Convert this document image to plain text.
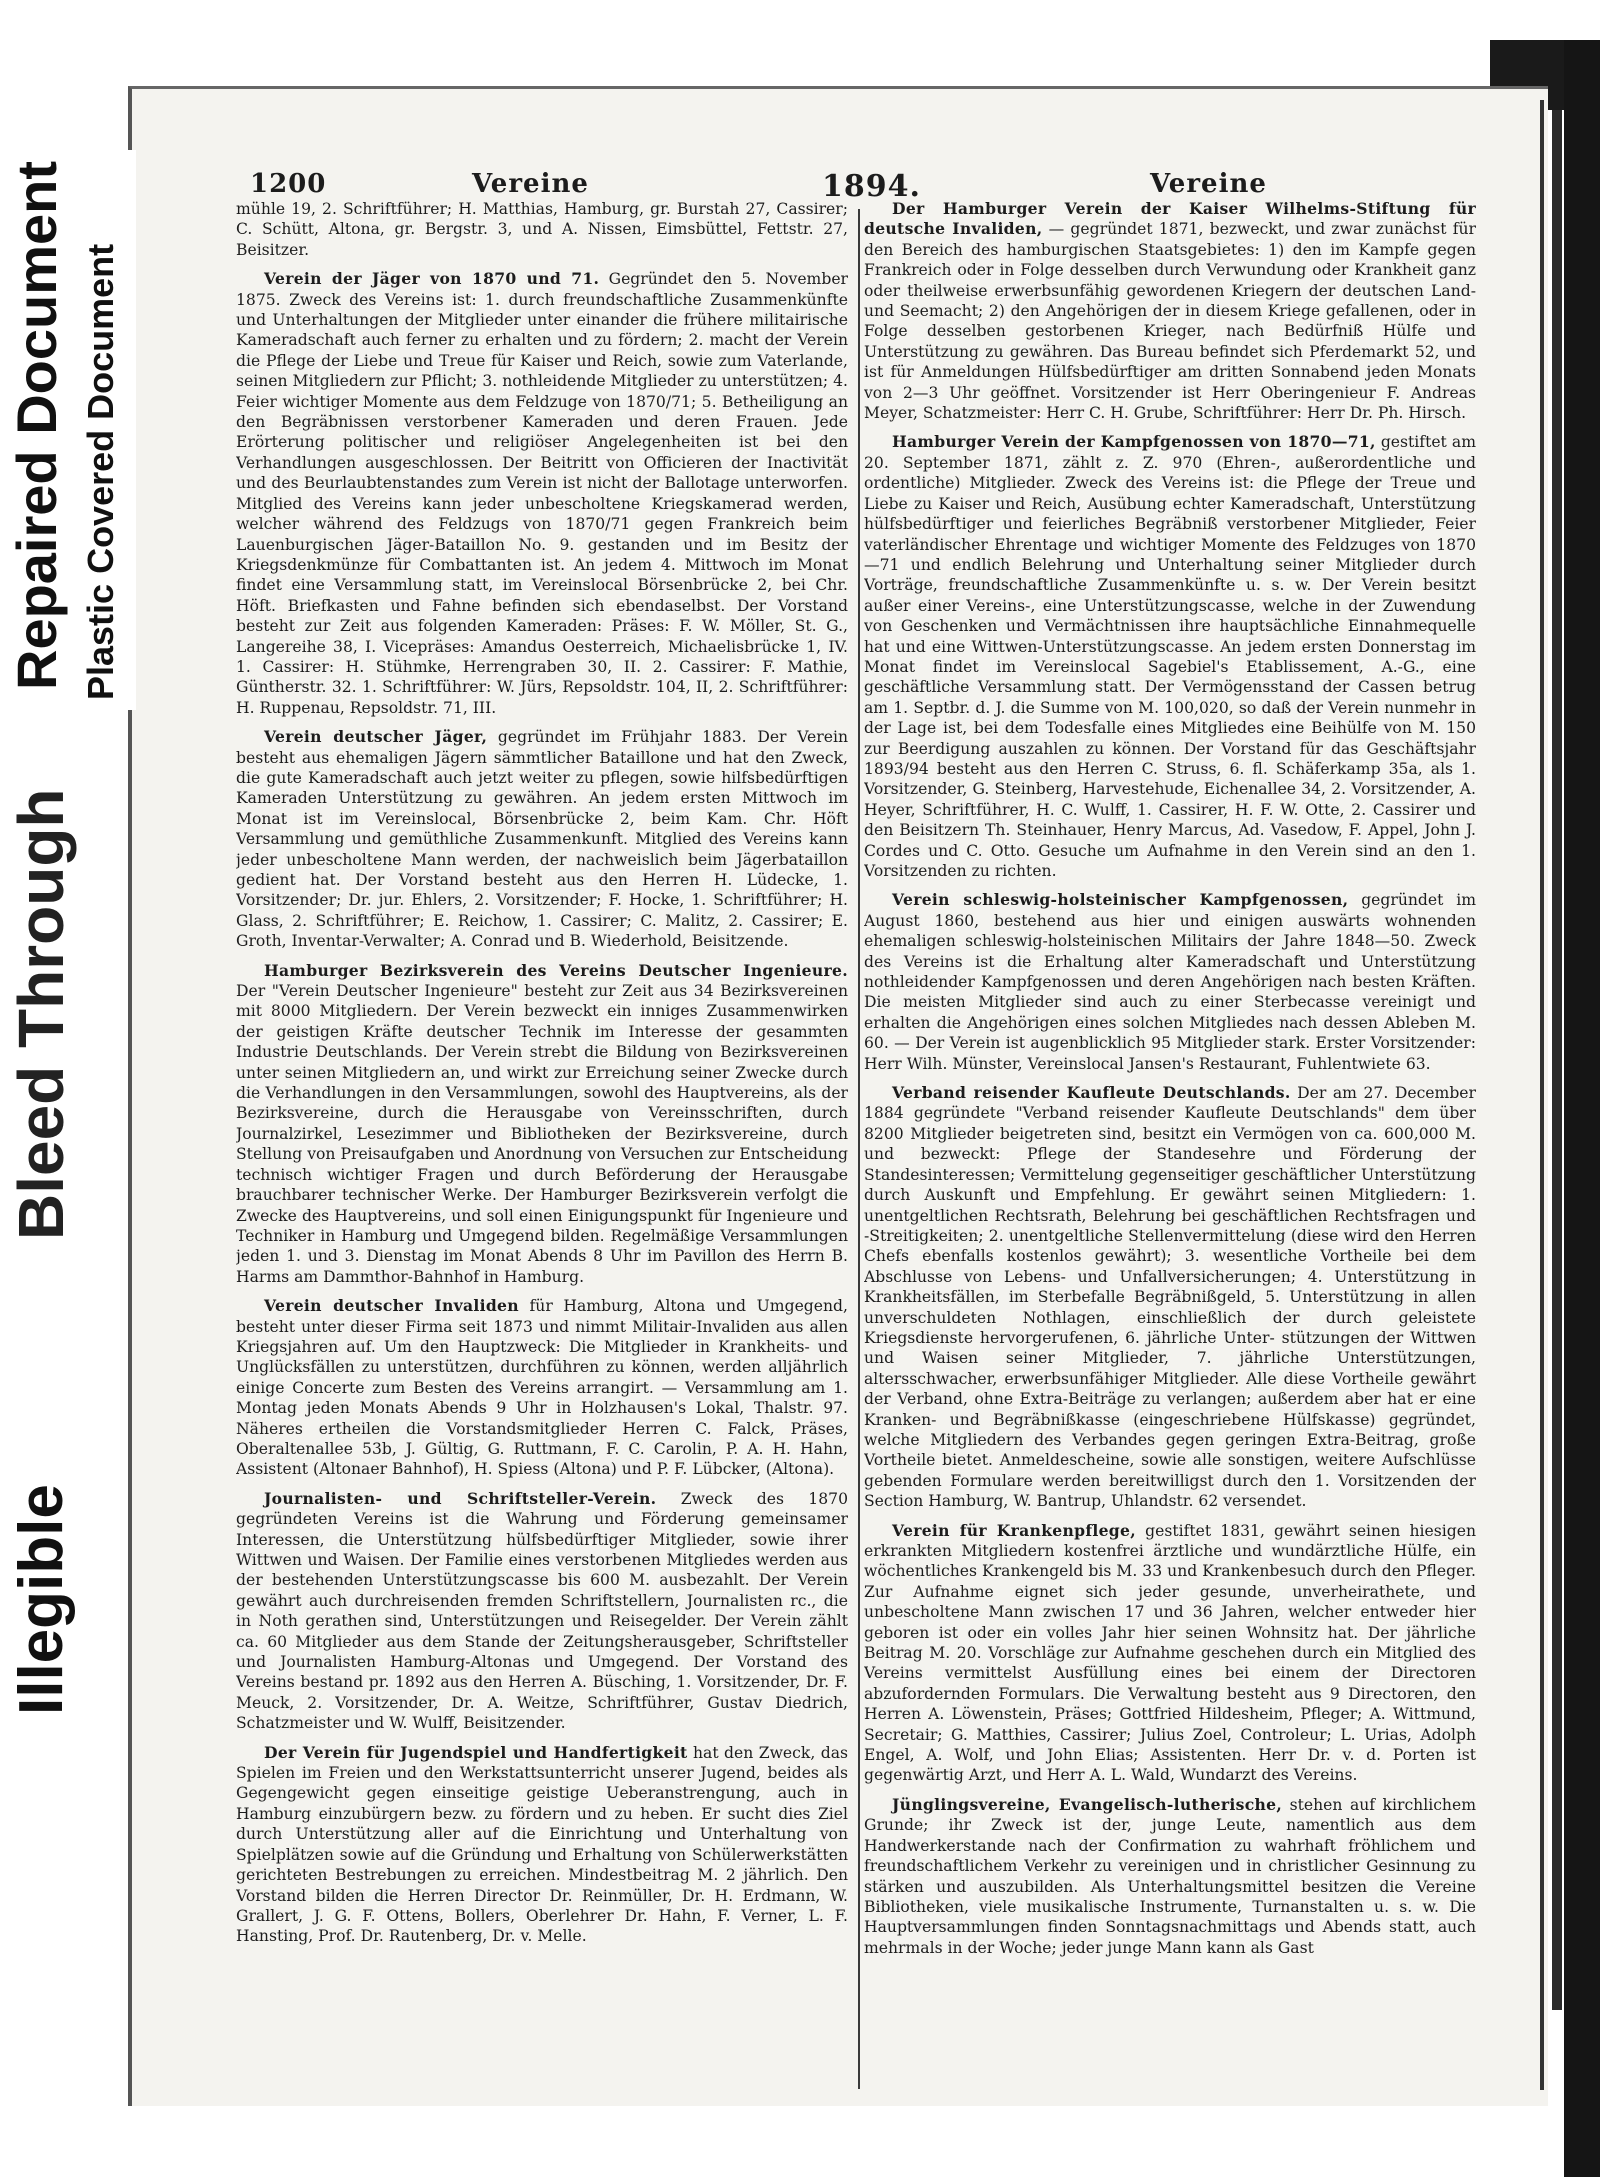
1200	Vereine	1894.	Vereine

mühle 19, 2. Schriftführer; H. Matthias, Hamburg, gr. Burstah 27, Cassirer; C. Schütt, Altona, gr. Bergstr. 3, und A. Nissen, Eimsbüttel, Fettstr. 27, Beisitzer.

Verein der Jäger von 1870 und 71. Gegründet den 5. November 1875. Zweck des Vereins ist: 1. durch freundschaftliche Zusammenkünfte und Unterhaltungen der Mitglieder unter einander die frühere militairische Kameradschaft auch ferner zu erhalten und zu fördern; 2. macht der Verein die Pflege der Liebe und Treue für Kaiser und Reich, sowie zum Vaterlande, seinen Mitgliedern zur Pflicht; 3. nothleidende Mitglieder zu unterstützen; 4. Feier wichtiger Momente aus dem Feldzuge von 1870/71; 5. Betheiligung an den Begräbnissen verstorbener Kameraden und deren Frauen. Jede Erörterung politischer und religiöser Angelegenheiten ist bei den Verhandlungen ausgeschlossen. Der Beitritt von Officieren der Inactivität und des Beurlaubtenstandes zum Verein ist nicht der Ballotage unterworfen. Mitglied des Vereins kann jeder unbescholtene Kriegskamerad werden, welcher während des Feldzugs von 1870/71 gegen Frankreich beim Lauenburgischen Jäger-Bataillon No. 9. gestanden und im Besitz der Kriegsdenkmünze für Combattanten ist. An jedem 4. Mittwoch im Monat findet eine Versammlung statt, im Vereinslocal Börsenbrücke 2, bei Chr. Höft. Briefkasten und Fahne befinden sich ebendaselbst. Der Vorstand besteht zur Zeit aus folgenden Kameraden: Präses: F. W. Möller, St. G., Langereihe 38, I. Vicepräses: Amandus Oesterreich, Michaelisbrücke 1, IV. 1. Cassirer: H. Stühmke, Herrengraben 30, II. 2. Cassirer: F. Mathie, Güntherstr. 32. 1. Schriftführer: W. Jürs, Repsoldstr. 104, II, 2. Schriftführer: H. Ruppenau, Repsoldstr. 71, III.

Verein deutscher Jäger, gegründet im Frühjahr 1883. Der Verein besteht aus ehemaligen Jägern sämmtlicher Bataillone und hat den Zweck, die gute Kameradschaft auch jetzt weiter zu pflegen, sowie hilfsbedürftigen Kameraden Unterstützung zu gewähren. An jedem ersten Mittwoch im Monat ist im Vereinslocal, Börsenbrücke 2, beim Kam. Chr. Höft Versammlung und gemüthliche Zusammenkunft. Mitglied des Vereins kann jeder unbescholtene Mann werden, der nachweislich beim Jägerbataillon gedient hat. Der Vorstand besteht aus den Herren H. Lüdecke, 1. Vorsitzender; Dr. jur. Ehlers, 2. Vorsitzender; F. Hocke, 1. Schriftführer; H. Glass, 2. Schriftführer; E. Reichow, 1. Cassirer; C. Malitz, 2. Cassirer; E. Groth, Inventar-Verwalter; A. Conrad und B. Wiederhold, Beisitzende.

Hamburger Bezirksverein des Vereins Deutscher Ingenieure. Der "Verein Deutscher Ingenieure" besteht zur Zeit aus 34 Bezirksvereinen mit 8000 Mitgliedern. Der Verein bezweckt ein inniges Zusammenwirken der geistigen Kräfte deutscher Technik im Interesse der gesammten Industrie Deutschlands. Der Verein strebt die Bildung von Bezirksvereinen unter seinen Mitgliedern an, und wirkt zur Erreichung seiner Zwecke durch die Verhandlungen in den Versammlungen, sowohl des Hauptvereins, als der Bezirksvereine, durch die Herausgabe von Vereinsschriften, durch Journalzirkel, Lesezimmer und Bibliotheken der Bezirksvereine, durch Stellung von Preisaufgaben und Anordnung von Versuchen zur Entscheidung technisch wichtiger Fragen und durch Beförderung der Herausgabe brauchbarer technischer Werke. Der Hamburger Bezirksverein verfolgt die Zwecke des Hauptvereins, und soll einen Einigungspunkt für Ingenieure und Techniker in Hamburg und Umgegend bilden. Regelmäßige Versammlungen jeden 1. und 3. Dienstag im Monat Abends 8 Uhr im Pavillon des Herrn B. Harms am Dammthor-Bahnhof in Hamburg.

Verein deutscher Invaliden für Hamburg, Altona und Umgegend, besteht unter dieser Firma seit 1873 und nimmt Militair-Invaliden aus allen Kriegsjahren auf. Um den Hauptzweck: Die Mitglieder in Krankheits- und Unglücksfällen zu unterstützen, durchführen zu können, werden alljährlich einige Concerte zum Besten des Vereins arrangirt. — Versammlung am 1. Montag jeden Monats Abends 9 Uhr in Holzhausen's Lokal, Thalstr. 97. Näheres ertheilen die Vorstandsmitglieder Herren C. Falck, Präses, Oberaltenallee 53b, J. Gültig, G. Ruttmann, F. C. Carolin, P. A. H. Hahn, Assistent (Altonaer Bahnhof), H. Spiess (Altona) und P. F. Lübcker, (Altona).

Journalisten- und Schriftsteller-Verein. Zweck des 1870 gegründeten Vereins ist die Wahrung und Förderung gemeinsamer Interessen, die Unterstützung hülfsbedürftiger Mitglieder, sowie ihrer Wittwen und Waisen. Der Familie eines verstorbenen Mitgliedes werden aus der bestehenden Unterstützungscasse bis 600 M. ausbezahlt. Der Verein gewährt auch durchreisenden fremden Schriftstellern, Journalisten rc., die in Noth gerathen sind, Unterstützungen und Reisegelder. Der Verein zählt ca. 60 Mitglieder aus dem Stande der Zeitungsherausgeber, Schriftsteller und Journalisten Hamburg-Altonas und Umgegend. Der Vorstand des Vereins bestand pr. 1892 aus den Herren A. Büsching, 1. Vorsitzender, Dr. F. Meuck, 2. Vorsitzender, Dr. A. Weitze, Schriftführer, Gustav Diedrich, Schatzmeister und W. Wulff, Beisitzender.

Der Verein für Jugendspiel und Handfertigkeit hat den Zweck, das Spielen im Freien und den Werkstattsunterricht unserer Jugend, beides als Gegengewicht gegen einseitige geistige Ueberanstrengung, auch in Hamburg einzubürgern bezw. zu fördern und zu heben. Er sucht dies Ziel durch Unterstützung aller auf die Einrichtung und Unterhaltung von Spielplätzen sowie auf die Gründung und Erhaltung von Schülerwerkstätten gerichteten Bestrebungen zu erreichen. Mindestbeitrag M. 2 jährlich. Den Vorstand bilden die Herren Director Dr. Reinmüller, Dr. H. Erdmann, W. Grallert, J. G. F. Ottens, Bollers, Oberlehrer Dr. Hahn, F. Verner, L. F. Hansting, Prof. Dr. Rautenberg, Dr. v. Melle.

Der Hamburger Verein der Kaiser Wilhelms-Stiftung für deutsche Invaliden, — gegründet 1871, bezweckt, und zwar zunächst für den Bereich des hamburgischen Staatsgebietes: 1) den im Kampfe gegen Frankreich oder in Folge desselben durch Verwundung oder Krankheit ganz oder theilweise erwerbsunfähig gewordenen Kriegern der deutschen Land- und Seemacht; 2) den Angehörigen der in diesem Kriege gefallenen, oder in Folge desselben gestorbenen Krieger, nach Bedürfniß Hülfe und Unterstützung zu gewähren. Das Bureau befindet sich Pferdemarkt 52, und ist für Anmeldungen Hülfsbedürftiger am dritten Sonnabend jeden Monats von 2—3 Uhr geöffnet. Vorsitzender ist Herr Oberingenieur F. Andreas Meyer, Schatzmeister: Herr C. H. Grube, Schriftführer: Herr Dr. Ph. Hirsch.

Hamburger Verein der Kampfgenossen von 1870—71, gestiftet am 20. September 1871, zählt z. Z. 970 (Ehren-, außerordentliche und ordentliche) Mitglieder. Zweck des Vereins ist: die Pflege der Treue und Liebe zu Kaiser und Reich, Ausübung echter Kameradschaft, Unterstützung hülfsbedürftiger und feierliches Begräbniß verstorbener Mitglieder, Feier vaterländischer Ehrentage und wichtiger Momente des Feldzuges von 1870—71 und endlich Belehrung und Unterhaltung seiner Mitglieder durch Vorträge, freundschaftliche Zusammenkünfte u. s. w. Der Verein besitzt außer einer Vereins-, eine Unterstützungscasse, welche in der Zuwendung von Geschenken und Vermächtnissen ihre hauptsächliche Einnahmequelle hat und eine Wittwen-Unterstützungscasse. An jedem ersten Donnerstag im Monat findet im Vereinslocal Sagebiel's Etablissement, A.-G., eine geschäftliche Versammlung statt. Der Vermögensstand der Cassen betrug am 1. Septbr. d. J. die Summe von M. 100,020, so daß der Verein nunmehr in der Lage ist, bei dem Todesfalle eines Mitgliedes eine Beihülfe von M. 150 zur Beerdigung auszahlen zu können. Der Vorstand für das Geschäftsjahr 1893/94 besteht aus den Herren C. Struss, 6. fl. Schäferkamp 35a, als 1. Vorsitzender, G. Steinberg, Harvestehude, Eichenallee 34, 2. Vorsitzender, A. Heyer, Schriftführer, H. C. Wulff, 1. Cassirer, H. F. W. Otte, 2. Cassirer und den Beisitzern Th. Steinhauer, Henry Marcus, Ad. Vasedow, F. Appel, John J. Cordes und C. Otto. Gesuche um Aufnahme in den Verein sind an den 1. Vorsitzenden zu richten.

Verein schleswig-holsteinischer Kampfgenossen, gegründet im August 1860, bestehend aus hier und einigen auswärts wohnenden ehemaligen schleswig-holsteinischen Militairs der Jahre 1848—50. Zweck des Vereins ist die Erhaltung alter Kameradschaft und Unterstützung nothleidender Kampfgenossen und deren Angehörigen nach besten Kräften. Die meisten Mitglieder sind auch zu einer Sterbecasse vereinigt und erhalten die Angehörigen eines solchen Mitgliedes nach dessen Ableben M. 60. — Der Verein ist augenblicklich 95 Mitglieder stark. Erster Vorsitzender: Herr Wilh. Münster, Vereinslocal Jansen's Restaurant, Fuhlentwiete 63.

Verband reisender Kaufleute Deutschlands. Der am 27. December 1884 gegründete "Verband reisender Kaufleute Deutschlands" dem über 8200 Mitglieder beigetreten sind, besitzt ein Vermögen von ca. 600,000 M. und bezweckt: Pflege der Standesehre und Förderung der Standesinteressen; Vermittelung gegenseitiger geschäftlicher Unterstützung durch Auskunft und Empfehlung. Er gewährt seinen Mitgliedern: 1. unentgeltlichen Rechtsrath, Belehrung bei geschäftlichen Rechtsfragen und -Streitigkeiten; 2. unentgeltliche Stellenvermittelung (diese wird den Herren Chefs ebenfalls kostenlos gewährt); 3. wesentliche Vortheile bei dem Abschlusse von Lebens- und Unfallversicherungen; 4. Unterstützung in Krankheitsfällen, im Sterbefalle Begräbnißgeld, 5. Unterstützung in allen unverschuldeten Nothlagen, einschließlich der durch geleistete Kriegsdienste hervorgerufenen, 6. jährliche Unter- stützungen der Wittwen und Waisen seiner Mitglieder, 7. jährliche Unterstützungen, altersschwacher, erwerbsunfähiger Mitglieder. Alle diese Vortheile gewährt der Verband, ohne Extra-Beiträge zu verlangen; außerdem aber hat er eine Kranken- und Begräbnißkasse (eingeschriebene Hülfskasse) gegründet, welche Mitgliedern des Verbandes gegen geringen Extra-Beitrag, große Vortheile bietet. Anmeldescheine, sowie alle sonstigen, weitere Aufschlüsse gebenden Formulare werden bereitwilligst durch den 1. Vorsitzenden der Section Hamburg, W. Bantrup, Uhlandstr. 62 versendet.

Verein für Krankenpflege, gestiftet 1831, gewährt seinen hiesigen erkrankten Mitgliedern kostenfrei ärztliche und wundärztliche Hülfe, ein wöchentliches Krankengeld bis M. 33 und Krankenbesuch durch den Pfleger. Zur Aufnahme eignet sich jeder gesunde, unverheirathete, und unbescholtene Mann zwischen 17 und 36 Jahren, welcher entweder hier geboren ist oder ein volles Jahr hier seinen Wohnsitz hat. Der jährliche Beitrag M. 20. Vorschläge zur Aufnahme geschehen durch ein Mitglied des Vereins vermittelst Ausfüllung eines bei einem der Directoren abzufordernden Formulars. Die Verwaltung besteht aus 9 Directoren, den Herren A. Löwenstein, Präses; Gottfried Hildesheim, Pfleger; A. Wittmund, Secretair; G. Matthies, Cassirer; Julius Zoel, Controleur; L. Urias, Adolph Engel, A. Wolf, und John Elias; Assistenten. Herr Dr. v. d. Porten ist gegenwärtig Arzt, und Herr A. L. Wald, Wundarzt des Vereins.

Jünglingsvereine, Evangelisch-lutherische, stehen auf kirchlichem Grunde; ihr Zweck ist der, junge Leute, namentlich aus dem Handwerkerstande nach der Confirmation zu wahrhaft fröhlichem und freundschaftlichem Verkehr zu vereinigen und in christlicher Gesinnung zu stärken und auszubilden. Als Unterhaltungsmittel besitzen die Vereine Bibliotheken, viele musikalische Instrumente, Turnanstalten u. s. w. Die Hauptversammlungen finden Sonntagsnachmittags und Abends statt, auch mehrmals in der Woche; jeder junge Mann kann als Gast

Illegible
Bleed Through
Repaired Document Plastic Covered Document
